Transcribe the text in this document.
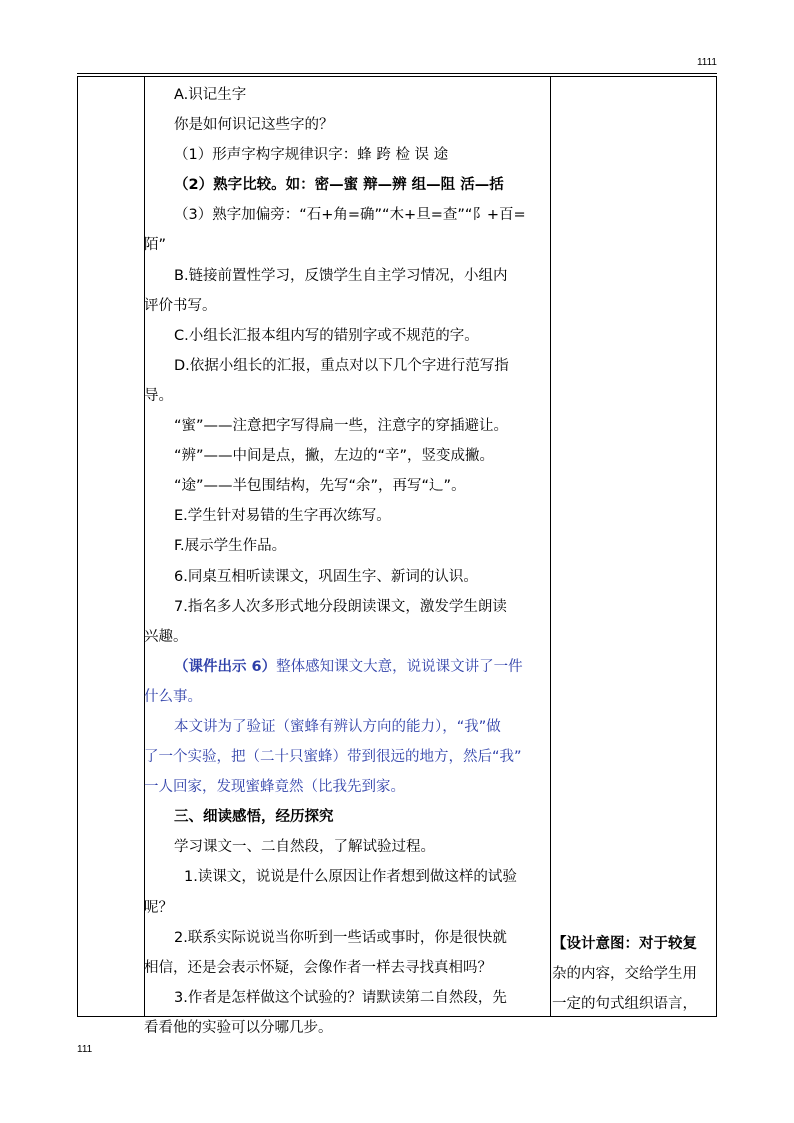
1111
A.识记生字
你是如何识记这些字的？
（1）形声字构字规律识字：蜂 跨 检 误 途
（2）熟字比较。如：密—蜜 辩—辨 组—阻 活—括
（3）熟字加偏旁：“石+角=确”“木+旦=查”“阝+百=
陌”
B.链接前置性学习，反馈学生自主学习情况，小组内
评价书写。
C.小组长汇报本组内写的错别字或不规范的字。
D.依据小组长的汇报，重点对以下几个字进行范写指
导。
“蜜”——注意把字写得扁一些，注意字的穿插避让。
“辨”——中间是点，撇，左边的“辛”，竖变成撇。
“途”——半包围结构，先写“余”，再写“辶”。
E.学生针对易错的生字再次练写。
F.展示学生作品。
6.同桌互相听读课文，巩固生字、新词的认识。
7.指名多人次多形式地分段朗读课文，激发学生朗读
兴趣。
（课件出示 6）整体感知课文大意，说说课文讲了一件
什么事。
本文讲为了验证（蜜蜂有辨认方向的能力），“我”做
了一个实验，把（二十只蜜蜂）带到很远的地方，然后“我”
一人回家，发现蜜蜂竟然（比我先到家。
三、细读感悟，经历探究
学习课文一、二自然段，了解试验过程。
1.读课文，说说是什么原因让作者想到做这样的试验
呢？
2.联系实际说说当你听到一些话或事时，你是很快就
相信，还是会表示怀疑，会像作者一样去寻找真相吗？
3.作者是怎样做这个试验的？请默读第二自然段，先
看看他的实验可以分哪几步。
【设计意图：对于较复
杂的内容，交给学生用
一定的句式组织语言，
111
